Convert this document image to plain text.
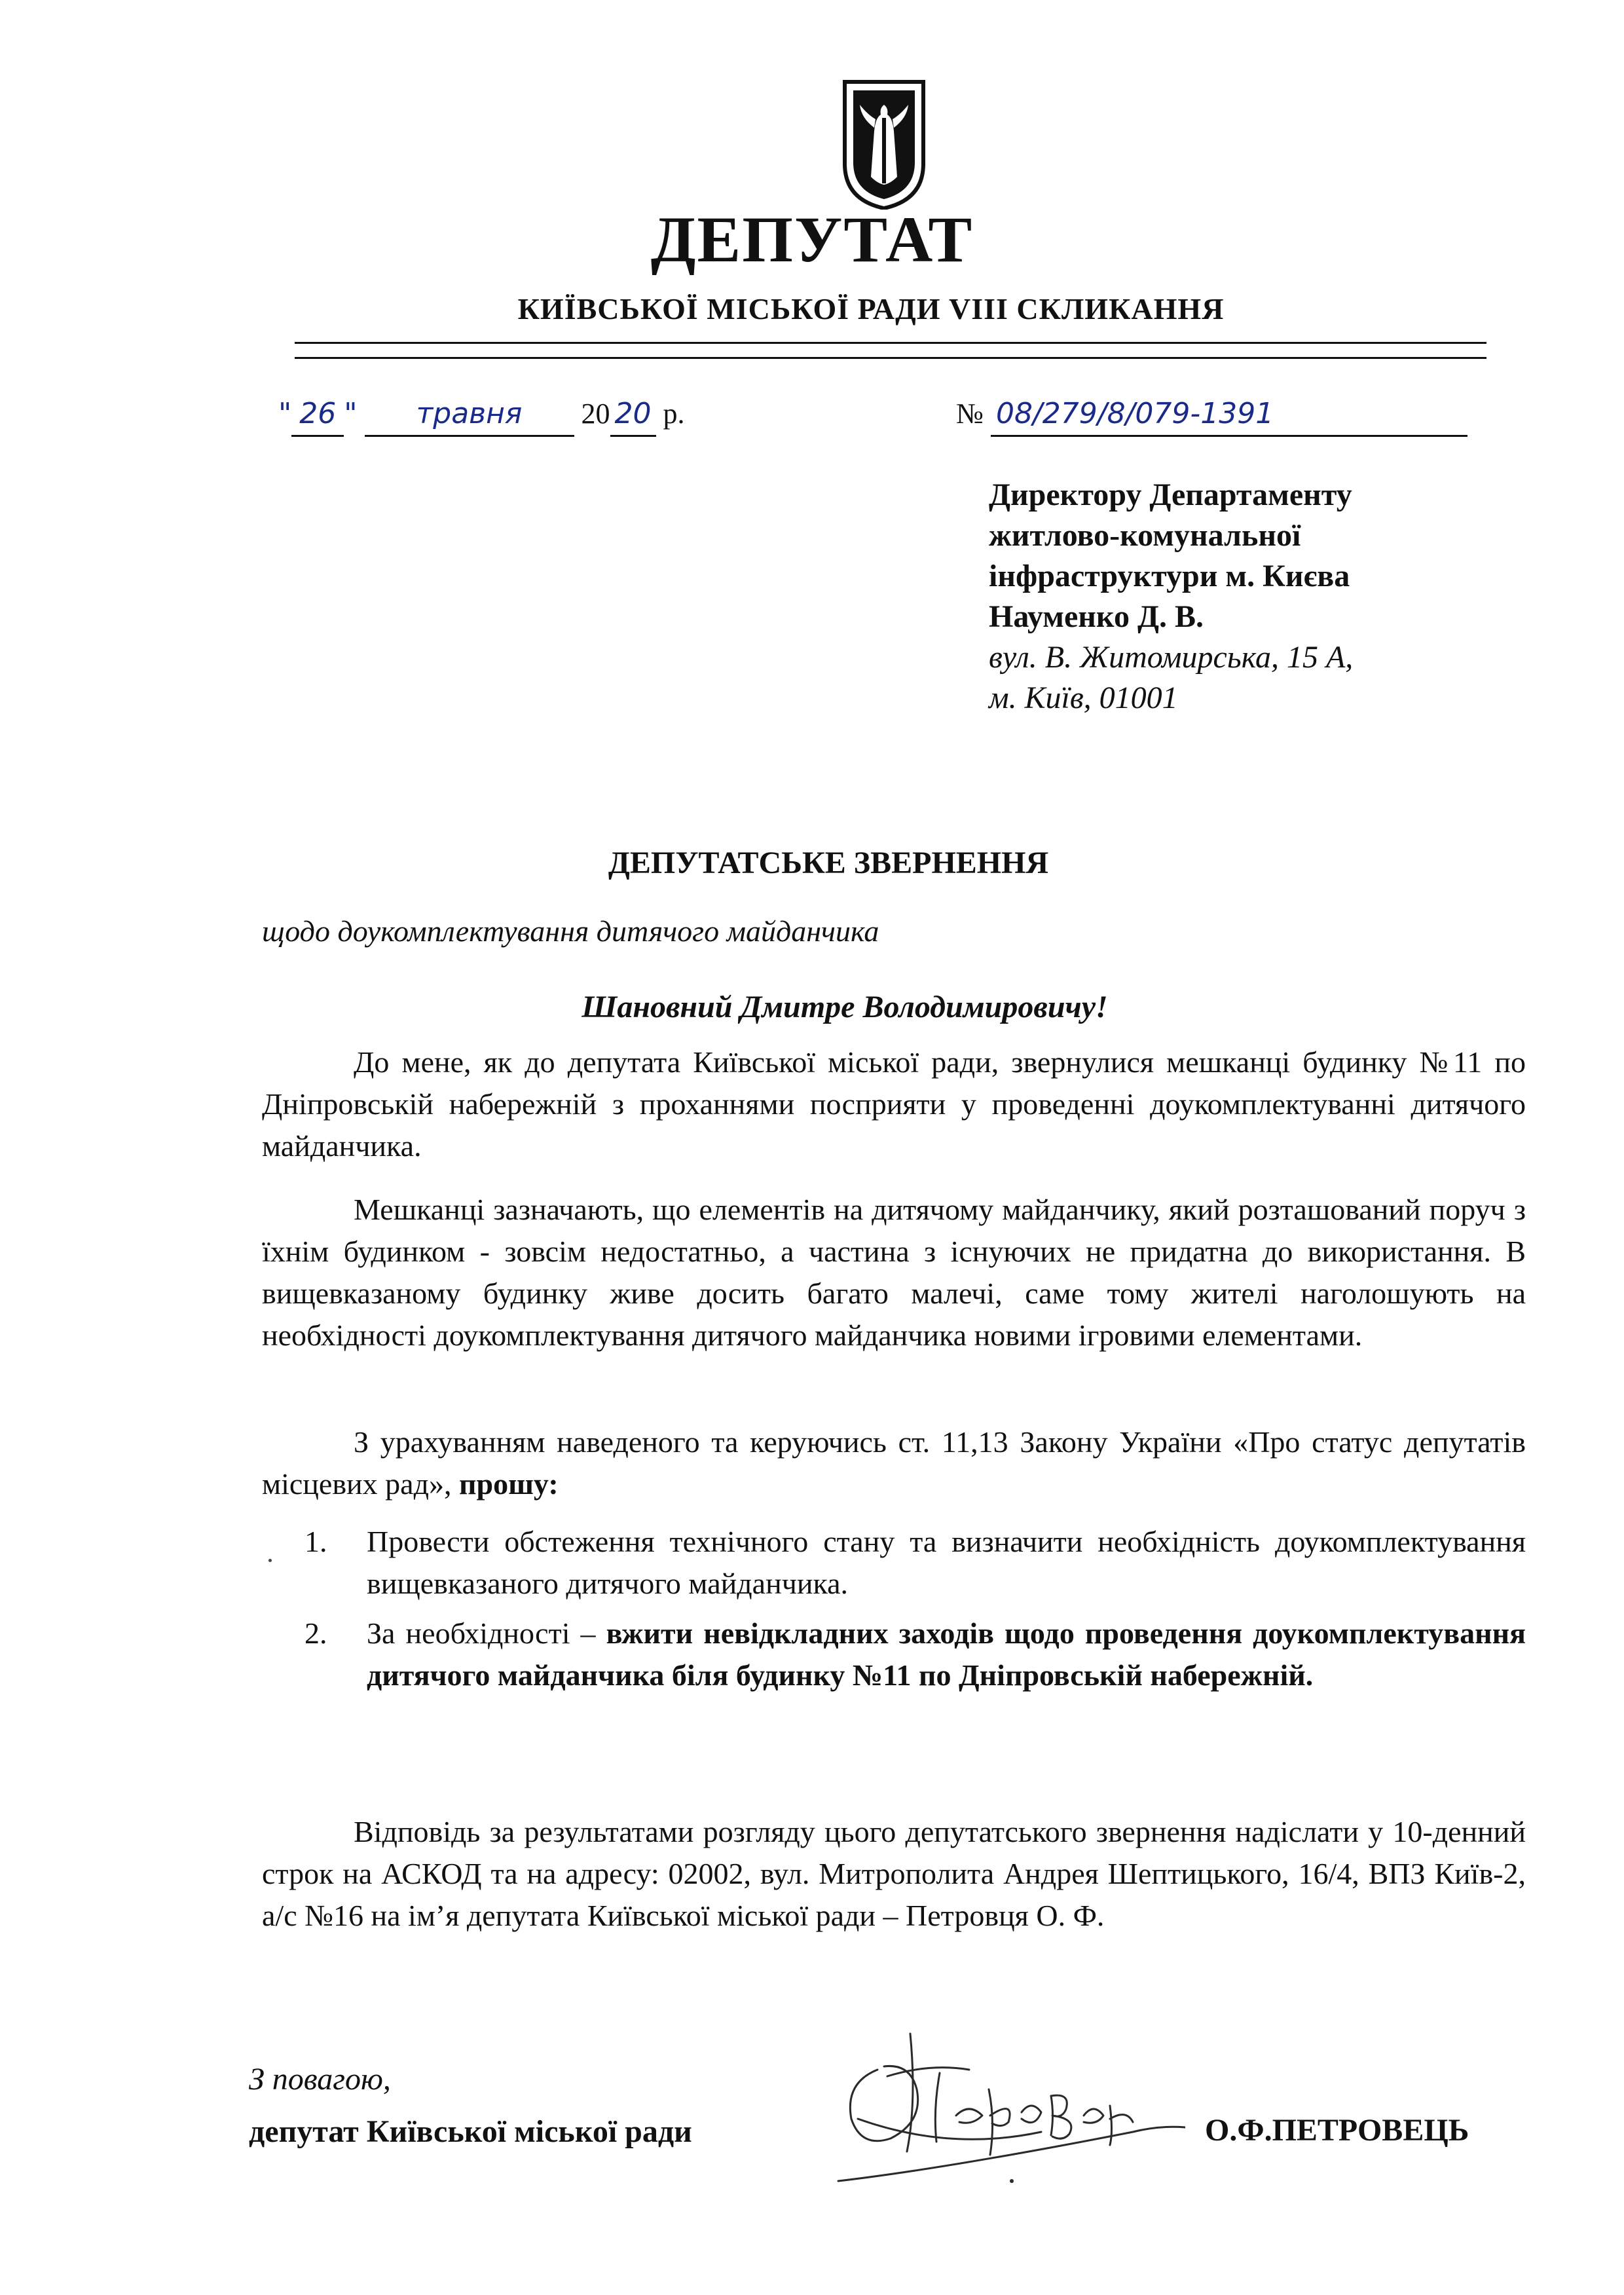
ДЕПУТАТ
КИЇВСЬКОЇ МІСЬКОЇ РАДИ VIII СКЛИКАННЯ
" 26 " травня 20 20 р.	№ 08/279/8/079-1391
Директору Департаменту
житлово-комунальної
інфраструктури м. Києва
Науменко Д. В.
вул. В. Житомирська, 15 А,
м. Київ, 01001
ДЕПУТАТСЬКЕ ЗВЕРНЕННЯ
щодо доукомплектування дитячого майданчика
Шановний Дмитре Володимировичу!
До мене, як до депутата Київської міської ради, звернулися мешканці будинку №11 по Дніпровській набережній з проханнями посприяти у проведенні доукомплектуванні дитячого майданчика.
Мешканці зазначають, що елементів на дитячому майданчику, який розташований поруч з їхнім будинком - зовсім недостатньо, а частина з існуючих не придатна до використання. В вищевказаному будинку живе досить багато малечі, саме тому жителі наголошують на необхідності доукомплектування дитячого майданчика новими ігровими елементами.
З урахуванням наведеного та керуючись ст. 11,13 Закону України «Про статус депутатів місцевих рад», прошу:
1.	Провести обстеження технічного стану та визначити необхідність доукомплектування вищевказаного дитячого майданчика.
2.	За необхідності – вжити невідкладних заходів щодо проведення доукомплектування дитячого майданчика біля будинку №11 по Дніпровській набережній.
Відповідь за результатами розгляду цього депутатського звернення надіслати у 10-денний строк на АСКОД та на адресу: 02002, вул. Митрополита Андрея Шептицького, 16/4, ВПЗ Київ-2, а/с №16 на ім’я депутата Київської міської ради – Петровця О. Ф.
З повагою,
депутат Київської міської ради	О.Ф.ПЕТРОВЕЦЬ
